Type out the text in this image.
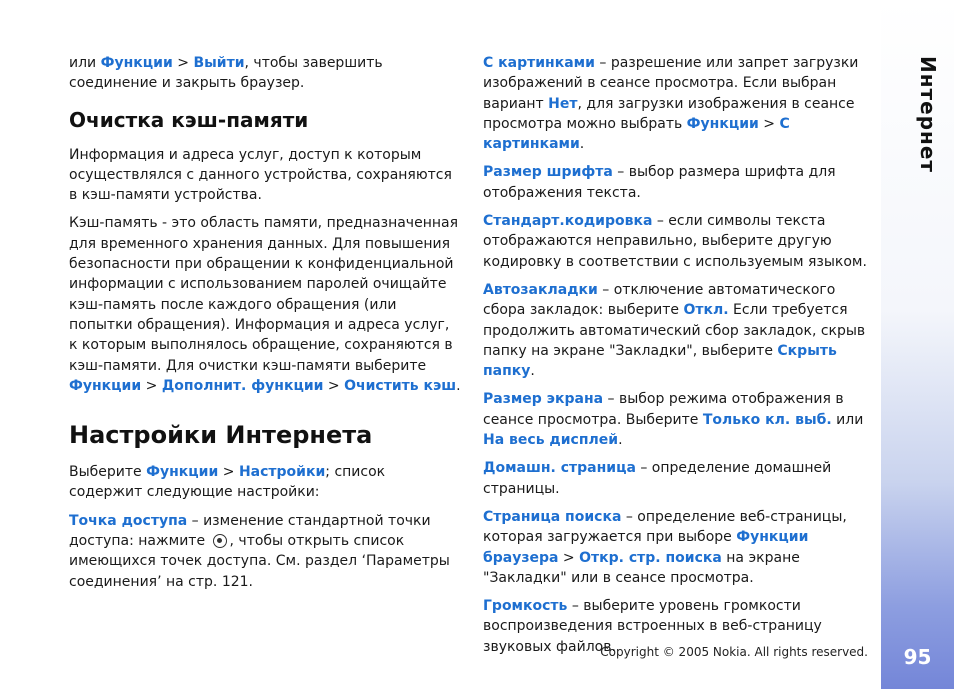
или Функции > Выйти, чтобы завершить соединение и закрыть браузер.

Очистка кэш-памяти

Информация и адреса услуг, доступ к которым осуществлялся с данного устройства, сохраняются в кэш-памяти устройства.

Кэш-память - это область памяти, предназначенная для временного хранения данных. Для повышения безопасности при обращении к конфиденциальной информации с использованием паролей очищайте кэш-память после каждого обращения (или попытки обращения). Информация и адреса услуг, к которым выполнялось обращение, сохраняются в кэш-памяти. Для очистки кэш-памяти выберите Функции > Дополнит. функции > Очистить кэш.

Настройки Интернета

Выберите Функции > Настройки; список содержит следующие настройки:

Точка доступа – изменение стандартной точки доступа: нажмите , чтобы открыть список имеющихся точек доступа. См. раздел ‘Параметры соединения’ на стр. 121.

С картинками – разрешение или запрет загрузки изображений в сеансе просмотра. Если выбран вариант Нет, для загрузки изображения в сеансе просмотра можно выбрать Функции > С картинками.

Размер шрифта – выбор размера шрифта для отображения текста.

Стандарт.кодировка – если символы текста отображаются неправильно, выберите другую кодировку в соответствии с используемым языком.

Автозакладки – отключение автоматического сбора закладок: выберите Откл. Если требуется продолжить автоматический сбор закладок, скрыв папку на экране "Закладки", выберите Скрыть папку.

Размер экрана – выбор режима отображения в сеансе просмотра. Выберите Только кл. выб. или На весь дисплей.

Домашн. страница – определение домашней страницы.

Страница поиска – определение веб-страницы, которая загружается при выборе Функции браузера > Откр. стр. поиска на экране "Закладки" или в сеансе просмотра.

Громкость – выберите уровень громкости воспроизведения встроенных в веб-страницу звуковых файлов.

Интернет
95
Copyright © 2005 Nokia. All rights reserved.
